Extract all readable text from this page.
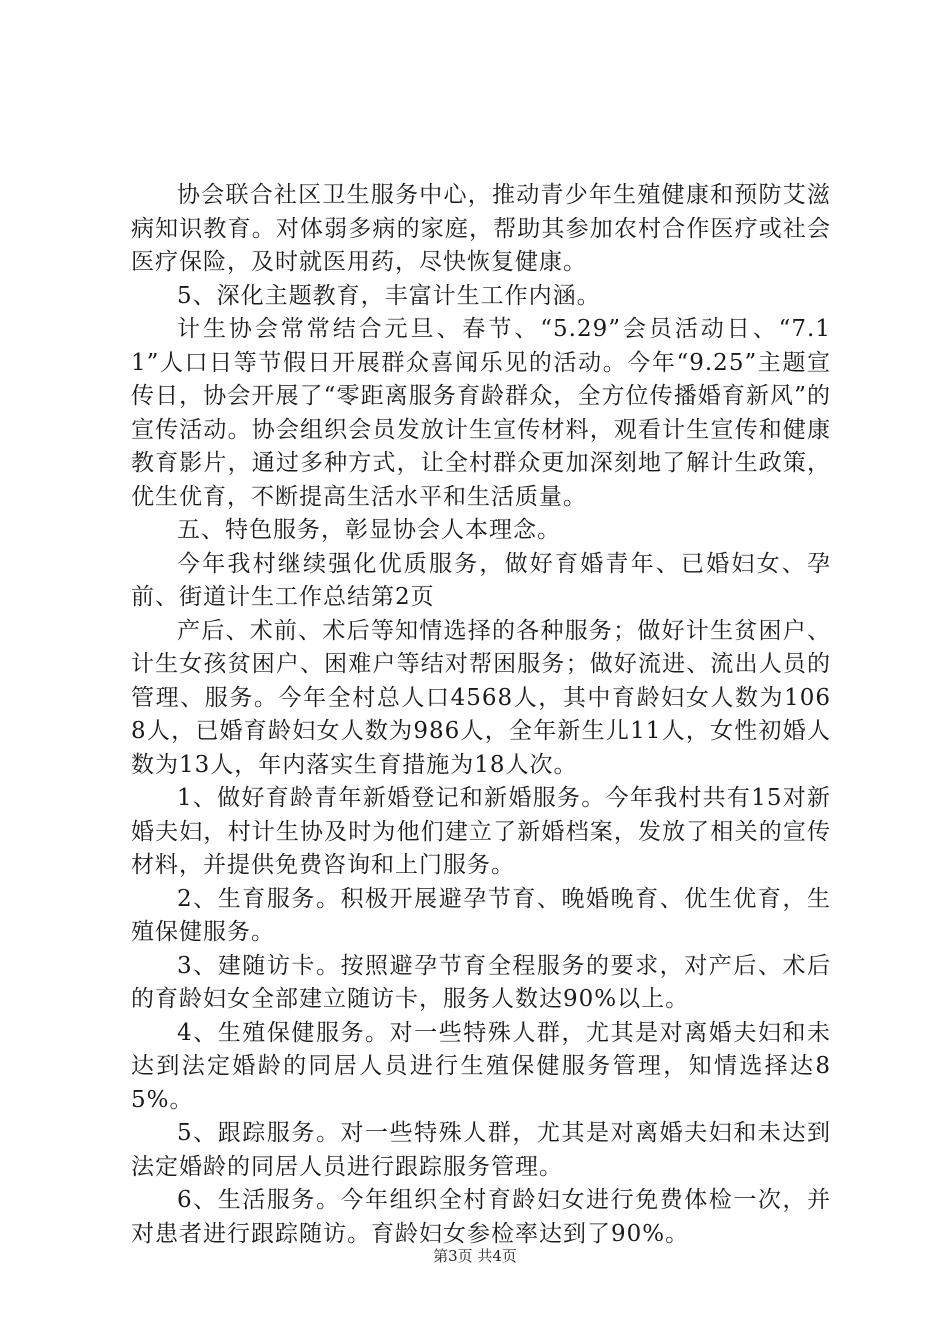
协会联合社区卫生服务中心，推动青少年生殖健康和预防艾滋病知识教育。对体弱多病的家庭，帮助其参加农村合作医疗或社会医疗保险，及时就医用药，尽快恢复健康。

5、深化主题教育，丰富计生工作内涵。

计生协会常常结合元旦、春节、“5.29”会员活动日、“7.11”人口日等节假日开展群众喜闻乐见的活动。今年“9.25”主题宣传日，协会开展了“零距离服务育龄群众，全方位传播婚育新风”的宣传活动。协会组织会员发放计生宣传材料，观看计生宣传和健康教育影片，通过多种方式，让全村群众更加深刻地了解计生政策，优生优育，不断提高生活水平和生活质量。

五、特色服务，彰显协会人本理念。

今年我村继续强化优质服务，做好育婚青年、已婚妇女、孕前、街道计生工作总结第2页

产后、术前、术后等知情选择的各种服务；做好计生贫困户、计生女孩贫困户、困难户等结对帮困服务；做好流进、流出人员的管理、服务。今年全村总人口4568人，其中育龄妇女人数为1068人，已婚育龄妇女人数为986人，全年新生儿11人，女性初婚人数为13人，年内落实生育措施为18人次。

1、做好育龄青年新婚登记和新婚服务。今年我村共有15对新婚夫妇，村计生协及时为他们建立了新婚档案，发放了相关的宣传材料，并提供免费咨询和上门服务。

2、生育服务。积极开展避孕节育、晚婚晚育、优生优育，生殖保健服务。

3、建随访卡。按照避孕节育全程服务的要求，对产后、术后的育龄妇女全部建立随访卡，服务人数达90%以上。

4、生殖保健服务。对一些特殊人群，尤其是对离婚夫妇和未达到法定婚龄的同居人员进行生殖保健服务管理，知情选择达85%。

5、跟踪服务。对一些特殊人群，尤其是对离婚夫妇和未达到法定婚龄的同居人员进行跟踪服务管理。

6、生活服务。今年组织全村育龄妇女进行免费体检一次，并对患者进行跟踪随访。育龄妇女参检率达到了90%。

第3页 共4页
